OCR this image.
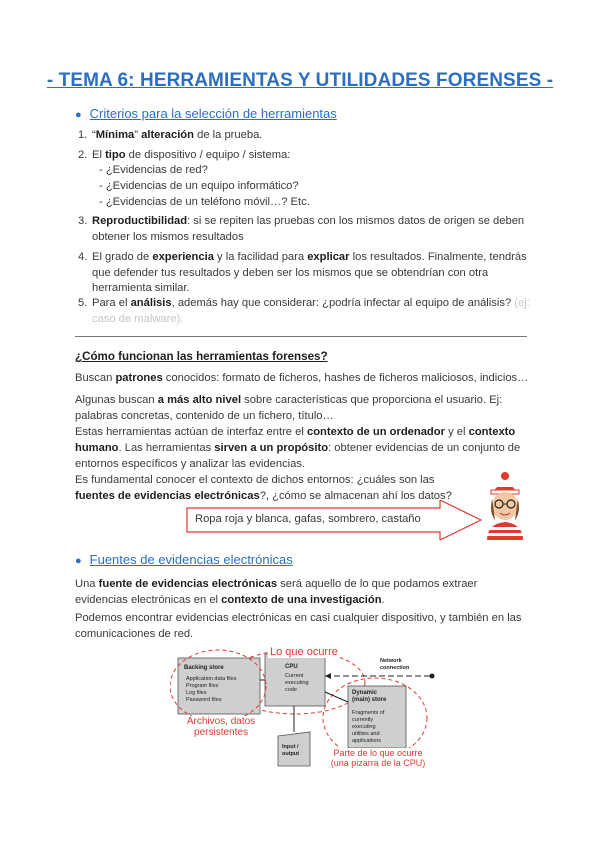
- TEMA 6: HERRAMIENTAS Y UTILIDADES FORENSES -
● Criterios para la selección de herramientas
1. “Mínima” alteración de la prueba.
2. El tipo de dispositivo / equipo / sistema:
- ¿Evidencias de red?
- ¿Evidencias de un equipo informático?
- ¿Evidencias de un teléfono móvil…? Etc.
3. Reproductibilidad: si se repiten las pruebas con los mismos datos de origen se deben
obtener los mismos resultados
4. El grado de experiencia y la facilidad para explicar los resultados. Finalmente, tendrás
que defender tus resultados y deben ser los mismos que se obtendrían con otra
herramienta similar.
5. Para el análisis, además hay que considerar: ¿podría infectar al equipo de análisis? (ej:
caso de malware).
¿Cómo funcionan las herramientas forenses?
Buscan patrones conocidos: formato de ficheros, hashes de ficheros maliciosos, indicios…
Algunas buscan a más alto nivel sobre características que proporciona el usuario. Ej:
palabras concretas, contenido de un fichero, título…
Estas herramientas actúan de interfaz entre el contexto de un ordenador y el contexto
humano. Las herramientas sirven a un propósito: obtener evidencias de un conjunto de
entornos específicos y analizar las evidencias.
Es fundamental conocer el contexto de dichos entornos: ¿cuáles son las
fuentes de evidencias electrónicas?, ¿cómo se almacenan ahí los datos?
Ropa roja y blanca, gafas, sombrero, castaño
● Fuentes de evidencias electrónicas
Una fuente de evidencias electrónicas será aquello de lo que podamos extraer
evidencias electrónicas en el contexto de una investigación.
Podemos encontrar evidencias electrónicas en casi cualquier dispositivo, y también en las
comunicaciones de red.
Backing store
Application data files
Program files
Log files
Password files
CPU
Current
executing
code	Dynamic
(main) store
Fragments of
currently
executing
utilities and
applications
Input /
output
Network
connection
Lo que ocurre
Archivos, datos
persistentes
Parte de lo que ocurre
(una pizarra de la CPU)
